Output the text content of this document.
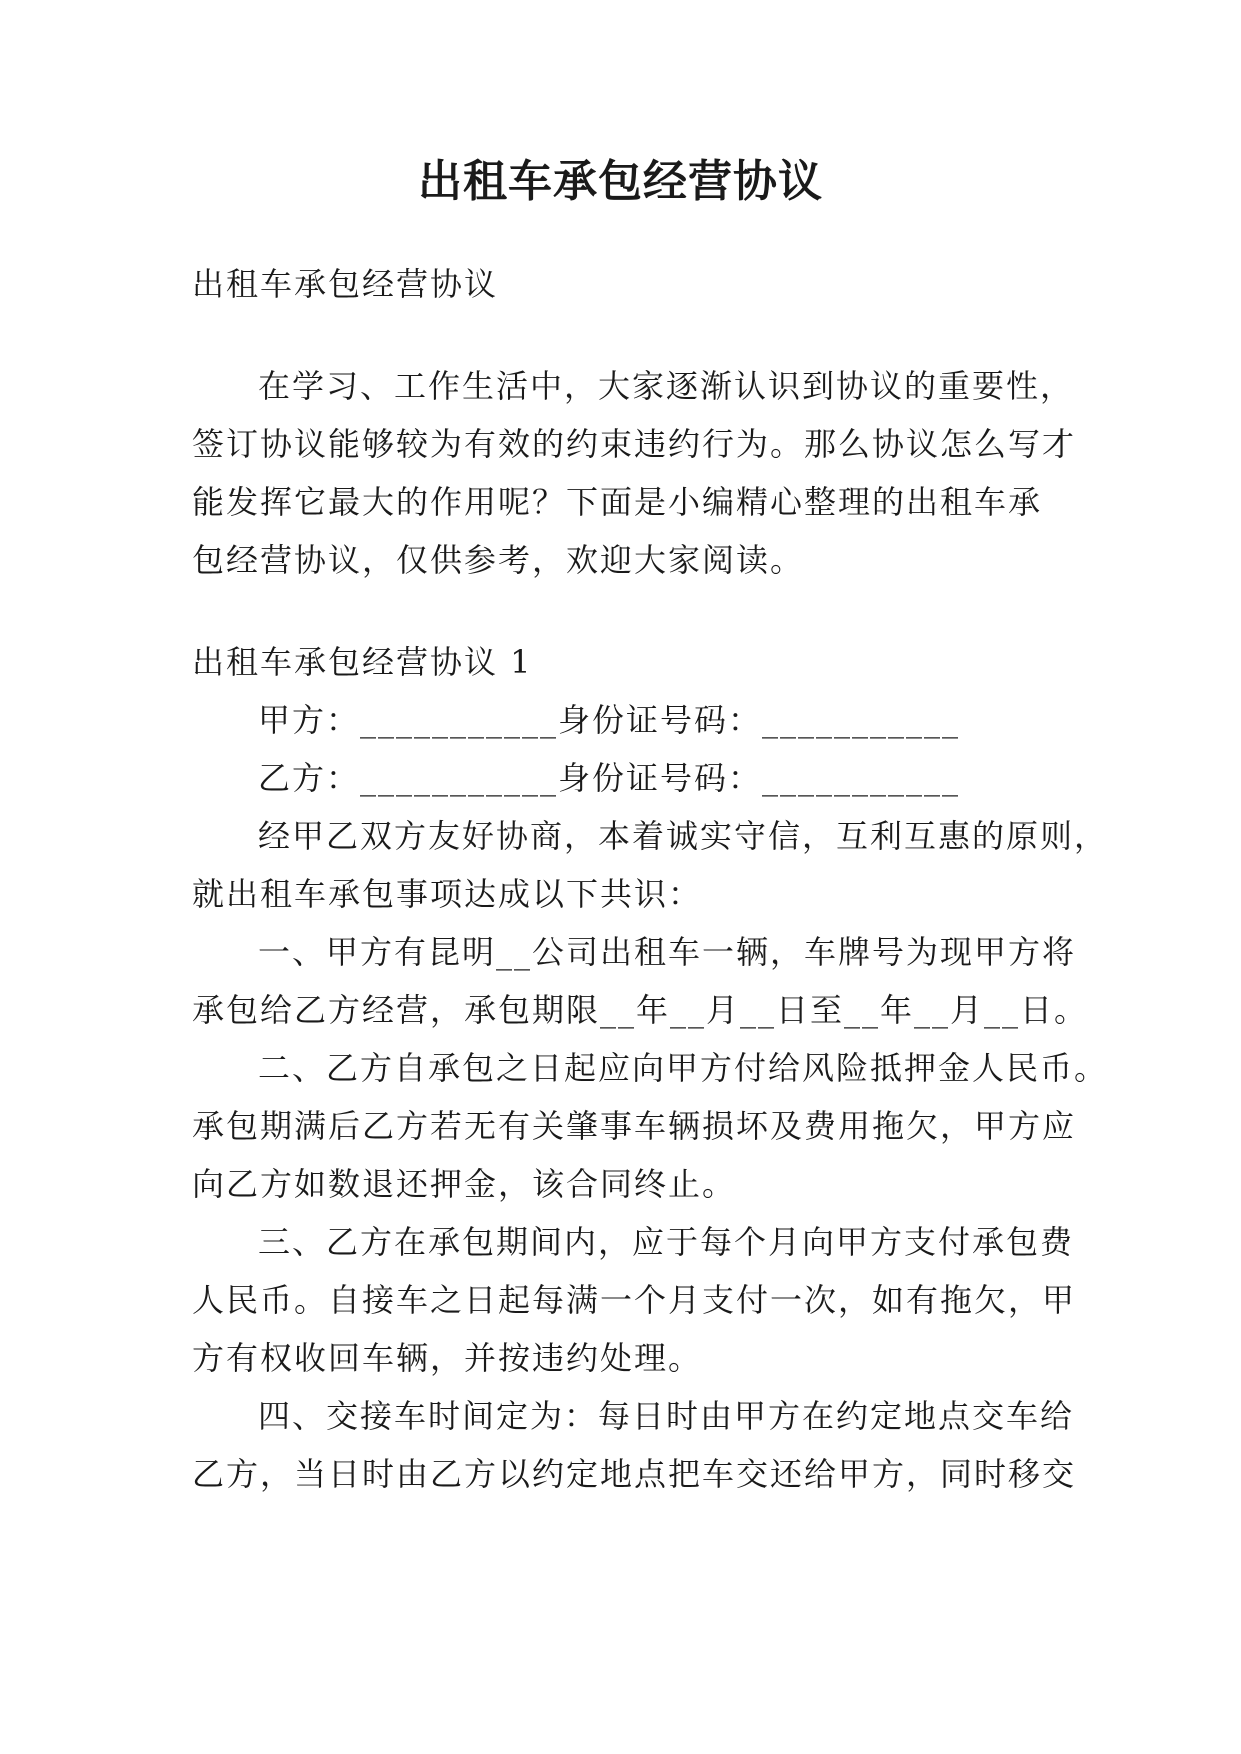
出租车承包经营协议
出租车承包经营协议
在学习、工作生活中，大家逐渐认识到协议的重要性，
签订协议能够较为有效的约束违约行为。那么协议怎么写才
能发挥它最大的作用呢？下面是小编精心整理的出租车承
包经营协议，仅供参考，欢迎大家阅读。
出租车承包经营协议 1
甲方：___________身份证号码：___________
乙方：___________身份证号码：___________
经甲乙双方友好协商，本着诚实守信，互利互惠的原则，
就出租车承包事项达成以下共识：
一、甲方有昆明__公司出租车一辆，车牌号为现甲方将
承包给乙方经营，承包期限__年__月__日至__年__月__日。
二、乙方自承包之日起应向甲方付给风险抵押金人民币。
承包期满后乙方若无有关肇事车辆损坏及费用拖欠，甲方应
向乙方如数退还押金，该合同终止。
三、乙方在承包期间内，应于每个月向甲方支付承包费
人民币。自接车之日起每满一个月支付一次，如有拖欠，甲
方有权收回车辆，并按违约处理。
四、交接车时间定为：每日时由甲方在约定地点交车给
乙方，当日时由乙方以约定地点把车交还给甲方，同时移交
